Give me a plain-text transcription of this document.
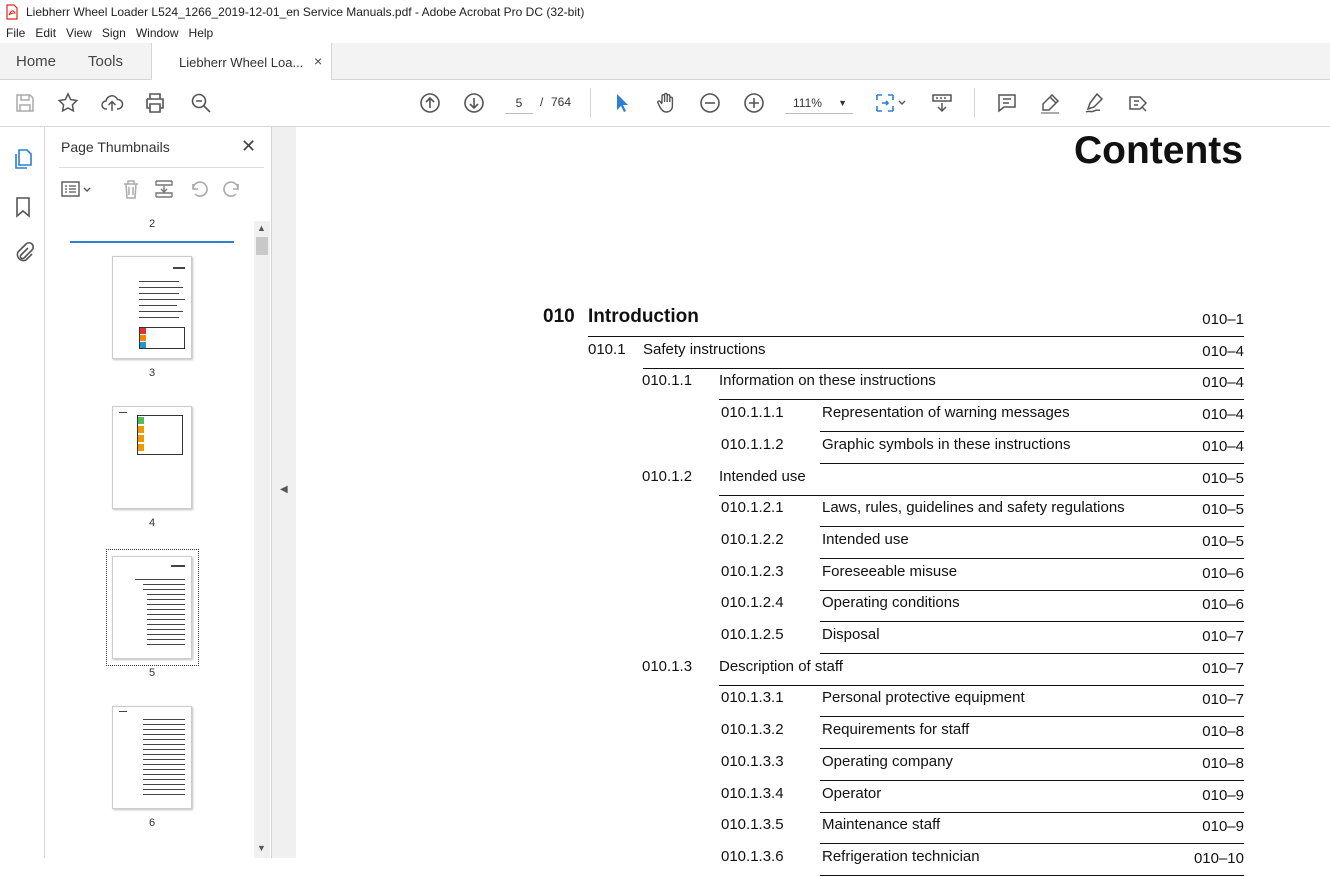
Liebherr Wheel Loader L524_1266_2019-12-01_en Service Manuals.pdf - Adobe Acrobat Pro DC (32-bit)
File Edit View Sign Window Help
Home Tools	Liebherr Wheel Loa... ×
5	/ 764	111% ▼
Page Thumbnails	✕
2
3
4
5
6
▲
▼
◀
Contents
010 Introduction	010–1
010.1 Safety instructions	010–4
010.1.1 Information on these instructions	010–4
010.1.1.1	Representation of warning messages	010–4
010.1.1.2	Graphic symbols in these instructions	010–4
010.1.2 Intended use	010–5
010.1.2.1	Laws, rules, guidelines and safety regulations	010–5
010.1.2.2	Intended use	010–5
010.1.2.3	Foreseeable misuse	010–6
010.1.2.4	Operating conditions	010–6
010.1.2.5	Disposal	010–7
010.1.3 Description of staff	010–7
010.1.3.1	Personal protective equipment	010–7
010.1.3.2	Requirements for staff	010–8
010.1.3.3	Operating company	010–8
010.1.3.4	Operator	010–9
010.1.3.5	Maintenance staff	010–9
010.1.3.6	Refrigeration technician	010–10
